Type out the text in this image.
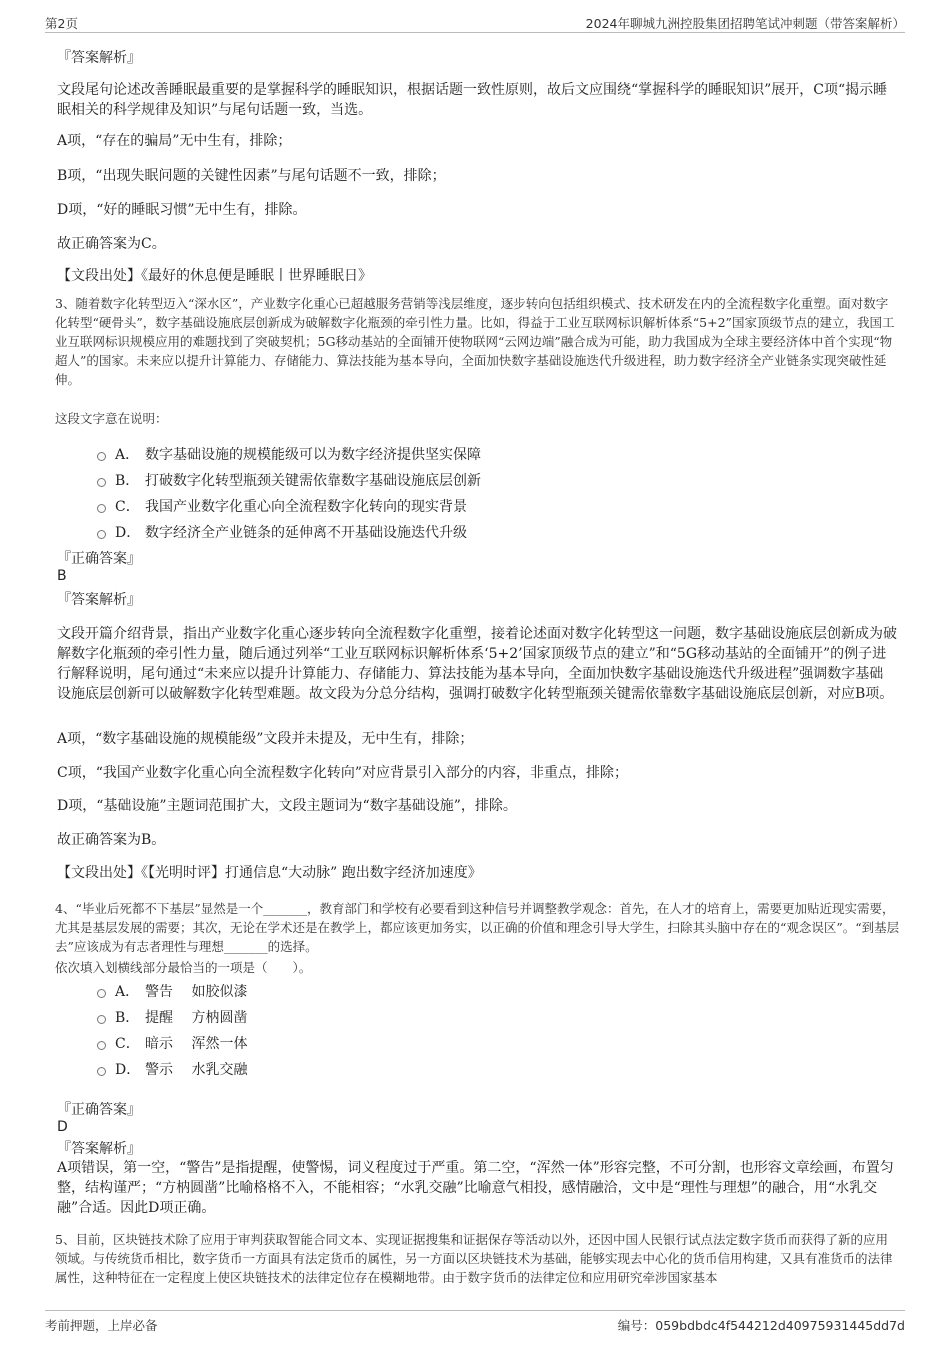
第2页	2024年聊城九洲控股集团招聘笔试冲刺题（带答案解析）
『答案解析』
文段尾句论述改善睡眠最重要的是掌握科学的睡眠知识，根据话题一致性原则，故后文应围绕“掌握科学的睡眠知识”展开，C项“揭示睡眠相关的科学规律及知识”与尾句话题一致，当选。
A项，“存在的骗局”无中生有，排除；
B项，“出现失眠问题的关键性因素”与尾句话题不一致，排除；
D项，“好的睡眠习惯”无中生有，排除。
故正确答案为C。
【文段出处】《最好的休息便是睡眠丨世界睡眠日》
3、随着数字化转型迈入“深水区”，产业数字化重心已超越服务营销等浅层维度，逐步转向包括组织模式、技术研发在内的全流程数字化重塑。面对数字化转型“硬骨头”，数字基础设施底层创新成为破解数字化瓶颈的牵引性力量。比如，得益于工业互联网标识解析体系“5+2”国家顶级节点的建立，我国工业互联网标识规模应用的难题找到了突破契机；5G移动基站的全面铺开使物联网“云网边端”融合成为可能，助力我国成为全球主要经济体中首个实现“物超人”的国家。未来应以提升计算能力、存储能力、算法技能为基本导向，全面加快数字基础设施迭代升级进程，助力数字经济全产业链条实现突破性延伸。
这段文字意在说明：
A． 数字基础设施的规模能级可以为数字经济提供坚实保障
B． 打破数字化转型瓶颈关键需依靠数字基础设施底层创新
C． 我国产业数字化重心向全流程数字化转向的现实背景
D． 数字经济全产业链条的延伸离不开基础设施迭代升级
『正确答案』
B
『答案解析』
文段开篇介绍背景，指出产业数字化重心逐步转向全流程数字化重塑，接着论述面对数字化转型这一问题，数字基础设施底层创新成为破解数字化瓶颈的牵引性力量，随后通过列举“工业互联网标识解析体系‘5+2’国家顶级节点的建立”和“5G移动基站的全面铺开”的例子进行解释说明，尾句通过“未来应以提升计算能力、存储能力、算法技能为基本导向，全面加快数字基础设施迭代升级进程”强调数字基础设施底层创新可以破解数字化转型难题。故文段为分总分结构，强调打破数字化转型瓶颈关键需依靠数字基础设施底层创新，对应B项。
A项，“数字基础设施的规模能级”文段并未提及，无中生有，排除；
C项，“我国产业数字化重心向全流程数字化转向”对应背景引入部分的内容，非重点，排除；
D项，“基础设施”主题词范围扩大，文段主题词为“数字基础设施”，排除。
故正确答案为B。
【文段出处】《【光明时评】打通信息“大动脉” 跑出数字经济加速度》
4、“毕业后死都不下基层”显然是一个_______，教育部门和学校有必要看到这种信号并调整教学观念：首先，在人才的培育上，需要更加贴近现实需要，尤其是基层发展的需要；其次，无论在学术还是在教学上，都应该更加务实，以正确的价值和理念引导大学生，扫除其头脑中存在的“观念误区”。“到基层去”应该成为有志者理性与理想_______的选择。
依次填入划横线部分最恰当的一项是（　　）。
A． 警告　 如胶似漆
B． 提醒　 方枘圆凿
C． 暗示　 浑然一体
D． 警示　 水乳交融
『正确答案』
D
『答案解析』
A项错误，第一空，“警告”是指提醒，使警惕，词义程度过于严重。第二空，“浑然一体”形容完整，不可分割，也形容文章绘画，布置匀整，结构谨严；“方枘圆凿”比喻格格不入，不能相容；“水乳交融”比喻意气相投，感情融洽，文中是“理性与理想”的融合，用“水乳交融”合适。因此D项正确。
5、目前，区块链技术除了应用于审判获取智能合同文本、实现证据搜集和证据保存等活动以外，还因中国人民银行试点法定数字货币而获得了新的应用领域。与传统货币相比，数字货币一方面具有法定货币的属性，另一方面以区块链技术为基础，能够实现去中心化的货币信用构建，又具有准货币的法律属性，这种特征在一定程度上使区块链技术的法律定位存在模糊地带。由于数字货币的法律定位和应用研究牵涉国家基本
考前押题，上岸必备	编号：059bdbdc4f544212d40975931445dd7d
